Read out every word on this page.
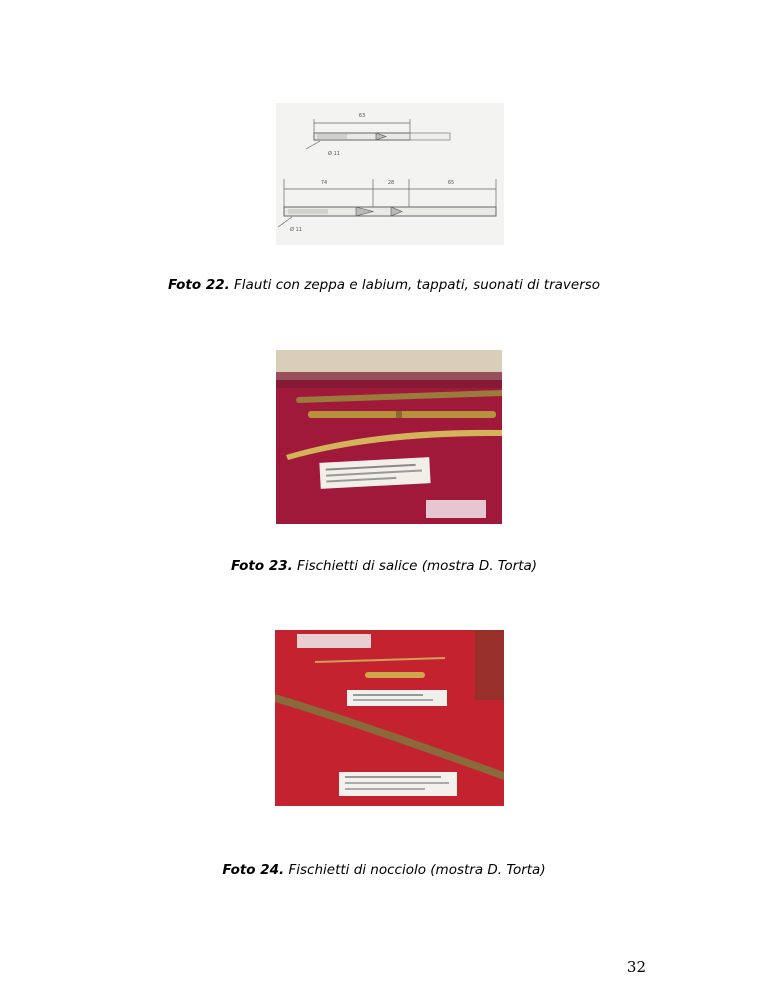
63
Ø 11
74	28	65
Ø 11
Foto 22. Flauti con zeppa e labium, tappati, suonati di traverso
Foto 23. Fischietti di salice (mostra D. Torta)
Foto 24. Fischietti di nocciolo (mostra D. Torta)
32
